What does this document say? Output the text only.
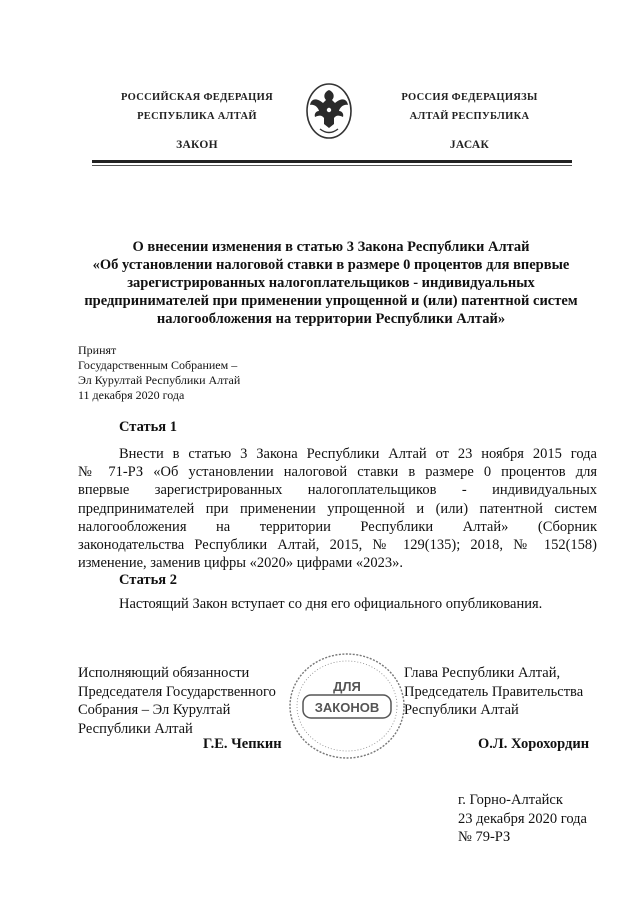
РОССИЙСКАЯ ФЕДЕРАЦИЯ
РЕСПУБЛИКА АЛТАЙ
ЗАКОН
РОССИЯ ФЕДЕРАЦИЯЗЫ
АЛТАЙ РЕСПУБЛИКА
JАСАК
О внесении изменения в статью 3 Закона Республики Алтай
«Об установлении налоговой ставки в размере 0 процентов для впервые
зарегистрированных налогоплательщиков - индивидуальных
предпринимателей при применении упрощенной и (или) патентной систем
налогообложения на территории Республики Алтай»
Принят
Государственным Собранием –
Эл Курултай Республики Алтай
11 декабря 2020 года
Статья 1
Внести в статью 3 Закона Республики Алтай от 23 ноября 2015 года
№ 71-РЗ «Об установлении налоговой ставки в размере 0 процентов для
впервые зарегистрированных налогоплательщиков - индивидуальных
предпринимателей при применении упрощенной и (или) патентной систем
налогообложения на территории Республики Алтай» (Сборник
законодательства Республики Алтай, 2015, № 129(135); 2018, № 152(158)
изменение, заменив цифры «2020» цифрами «2023».
Статья 2
Настоящий Закон вступает со дня его официального опубликования.
Исполняющий обязанности
Председателя Государственного
Собрания – Эл Курултай
Республики Алтай
Г.Е. Чепкин
ДЛЯ
ЗАКОНОВ
Глава Республики Алтай,
Председатель Правительства
Республики Алтай
О.Л. Хорохордин
г. Горно-Алтайск
23 декабря 2020 года
№ 79-РЗ
